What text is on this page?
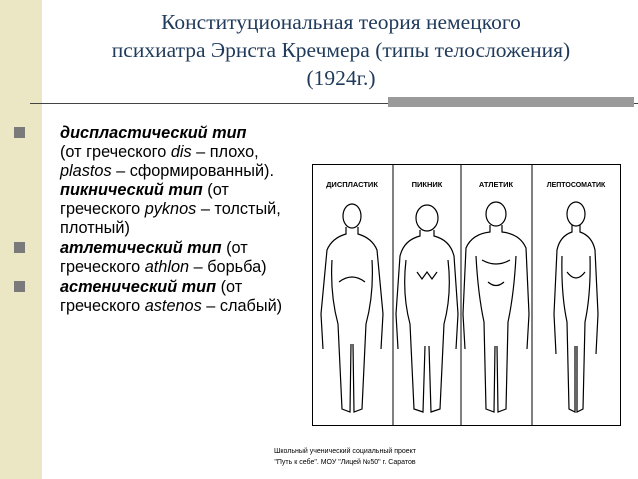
Конституциональная теория немецкого
психиатра Эрнста Кречмера (типы телосложения)
(1924г.)
диспластический тип
(от греческого dis – плохо, plastos – сформированный).
пикнический тип (от греческого pyknos – толстый, плотный)
атлетический тип (от греческого athlon – борьба)
астенический тип (от греческого astenos – слабый)
ДИСПЛАСТИК	ПИКНИК	АТЛЕТИК	ЛЕПТОСОМАТИК
Школьный ученический социальный проект
"Путь к себе". МОУ "Лицей №50" г. Саратов
